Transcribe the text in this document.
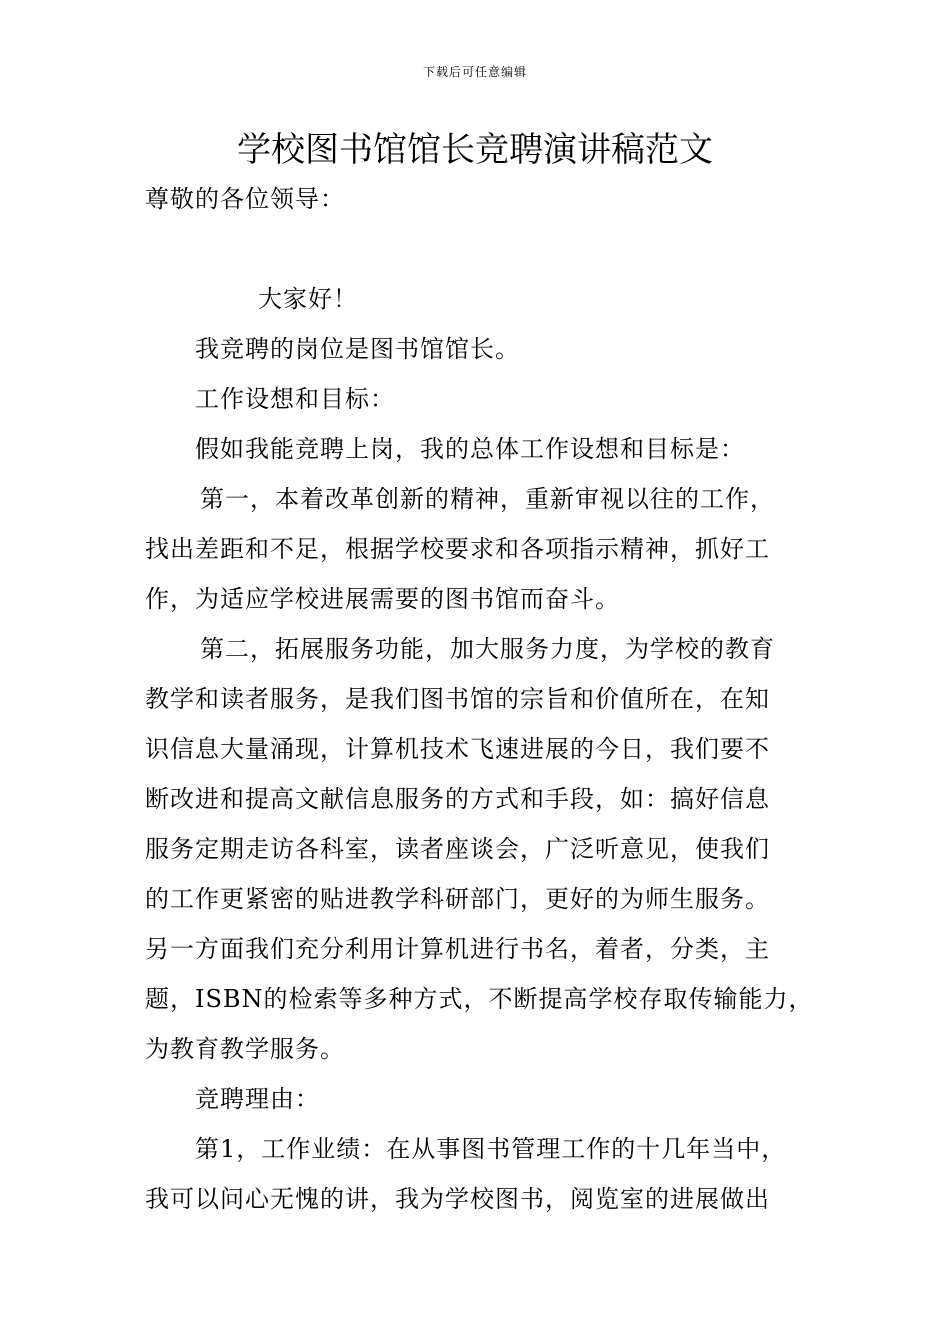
下载后可任意编辑
学校图书馆馆长竞聘演讲稿范文
尊敬的各位领导：
大家好！
我竞聘的岗位是图书馆馆长。
工作设想和目标：
假如我能竞聘上岗，我的总体工作设想和目标是：
第一，本着改革创新的精神，重新审视以往的工作，
找出差距和不足，根据学校要求和各项指示精神，抓好工
作，为适应学校进展需要的图书馆而奋斗。
第二，拓展服务功能，加大服务力度，为学校的教育
教学和读者服务，是我们图书馆的宗旨和价值所在，在知
识信息大量涌现，计算机技术飞速进展的今日，我们要不
断改进和提高文献信息服务的方式和手段，如：搞好信息
服务定期走访各科室，读者座谈会，广泛听意见，使我们
的工作更紧密的贴进教学科研部门，更好的为师生服务。
另一方面我们充分利用计算机进行书名，着者，分类，主
题，ISBN的检索等多种方式，不断提高学校存取传输能力，
为教育教学服务。
竞聘理由：
第1，工作业绩：在从事图书管理工作的十几年当中，
我可以问心无愧的讲，我为学校图书，阅览室的进展做出
